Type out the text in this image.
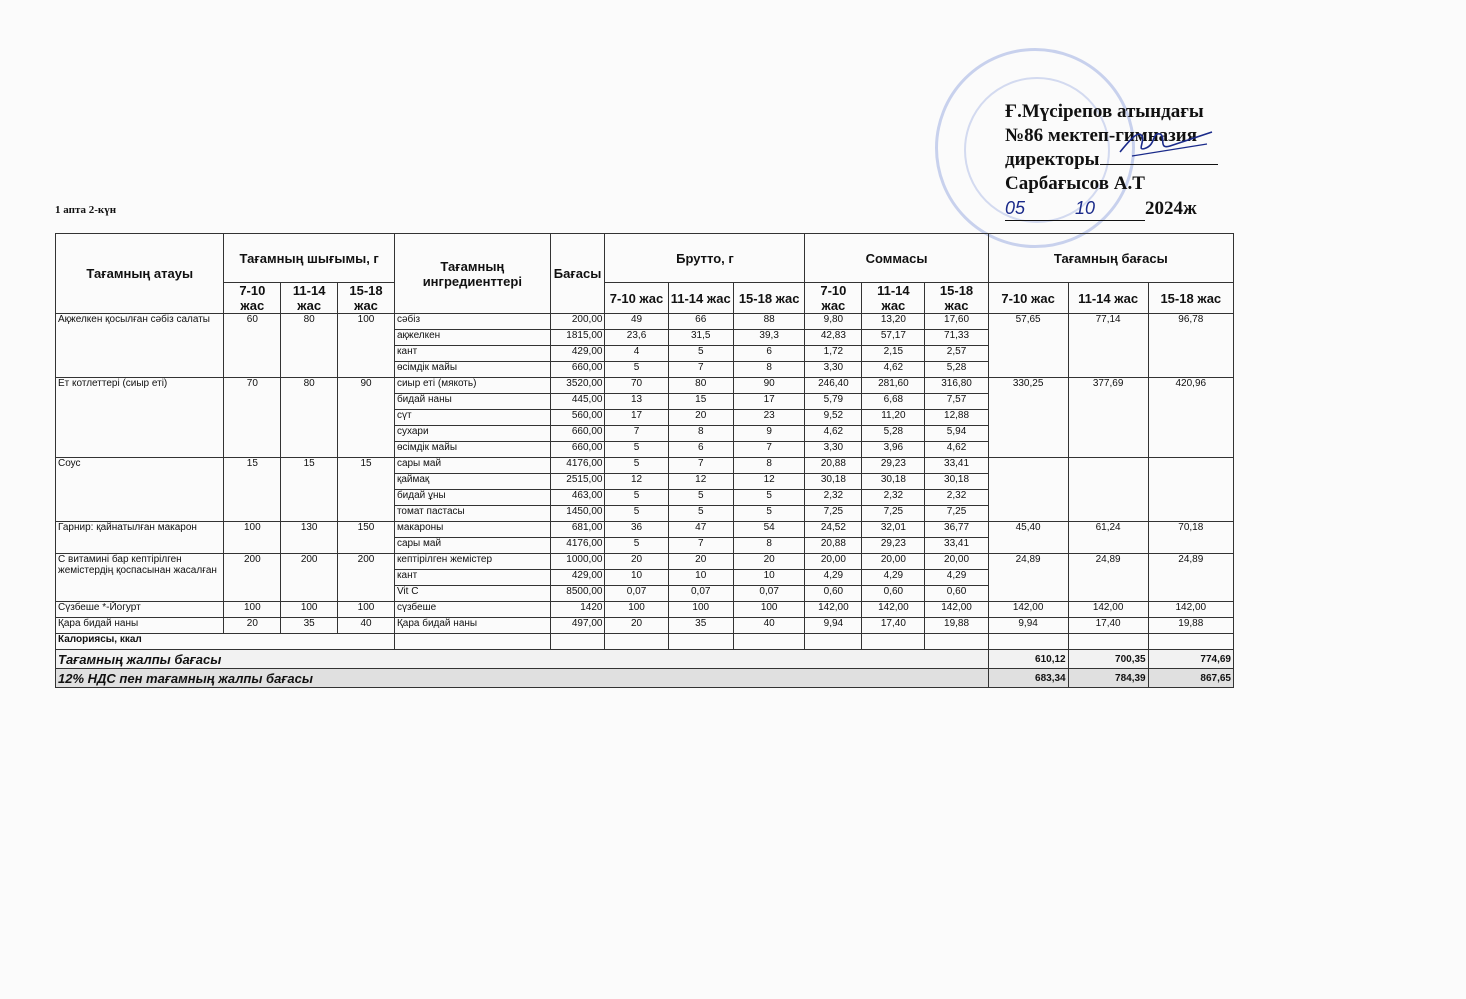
Ғ.Мүсірепов атындағы
№86 мектеп-гимназия
директоры
Сарбағысов А.Т
05	10	2024ж
1 апта 2-күн
Тағамның атауы	Тағамның шығымы, г			Тағамның ингредиенттері	Бағасы	Брутто, г			Соммасы			Тағамның бағасы		
	7-10 жас	11-14 жас	15-18 жас											
						7-10 жас	11-14 жас	15-18 жас	7-10 жас	11-14 жас	15-18 жас	7-10 жас	11-14 жас	15-18 жас
Ақжелкен қосылған сәбіз салаты	60	80	100	сәбіз	200,00	49	66	88	9,80	13,20	17,60	57,65	77,14	96,78
				ақжелкен	1815,00	23,6	31,5	39,3	42,83	57,17	71,33			
				кант	429,00	4	5	6	1,72	2,15	2,57			
				өсімдік майы	660,00	5	7	8	3,30	4,62	5,28			
Ет котлеттері (сиыр еті)	70	80	90	сиыр еті (мякоть)	3520,00	70	80	90	246,40	281,60	316,80	330,25	377,69	420,96
				бидай наны	445,00	13	15	17	5,79	6,68	7,57			
				сүт	560,00	17	20	23	9,52	11,20	12,88			
				сухари	660,00	7	8	9	4,62	5,28	5,94			
				өсімдік майы	660,00	5	6	7	3,30	3,96	4,62			
Соус	15	15	15	сары май	4176,00	5	7	8	20,88	29,23	33,41			
				қаймақ	2515,00	12	12	12	30,18	30,18	30,18			
				бидай ұны	463,00	5	5	5	2,32	2,32	2,32			
				томат пастасы	1450,00	5	5	5	7,25	7,25	7,25			
Гарнир: қайнатылған макарон	100	130	150	макароны	681,00	36	47	54	24,52	32,01	36,77	45,40	61,24	70,18
				сары май	4176,00	5	7	8	20,88	29,23	33,41			
С витамині бар кептірілген жемістердің қоспасынан жасалған	200	200	200	кептірілген жемістер	1000,00	20	20	20	20,00	20,00	20,00	24,89	24,89	24,89
				кант	429,00	10	10	10	4,29	4,29	4,29			
				Vit C	8500,00	0,07	0,07	0,07	0,60	0,60	0,60			
Сүзбеше *-Йогурт	100	100	100	сүзбеше	1420	100	100	100	142,00	142,00	142,00	142,00	142,00	142,00
Қара бидай наны	20	35	40	Қара бидай наны	497,00	20	35	40	9,94	17,40	19,88	9,94	17,40	19,88
Калориясы, ккал														
Тағамның жалпы бағасы												610,12	700,35	774,69
12% НДС пен тағамның жалпы бағасы												683,34	784,39	867,65
